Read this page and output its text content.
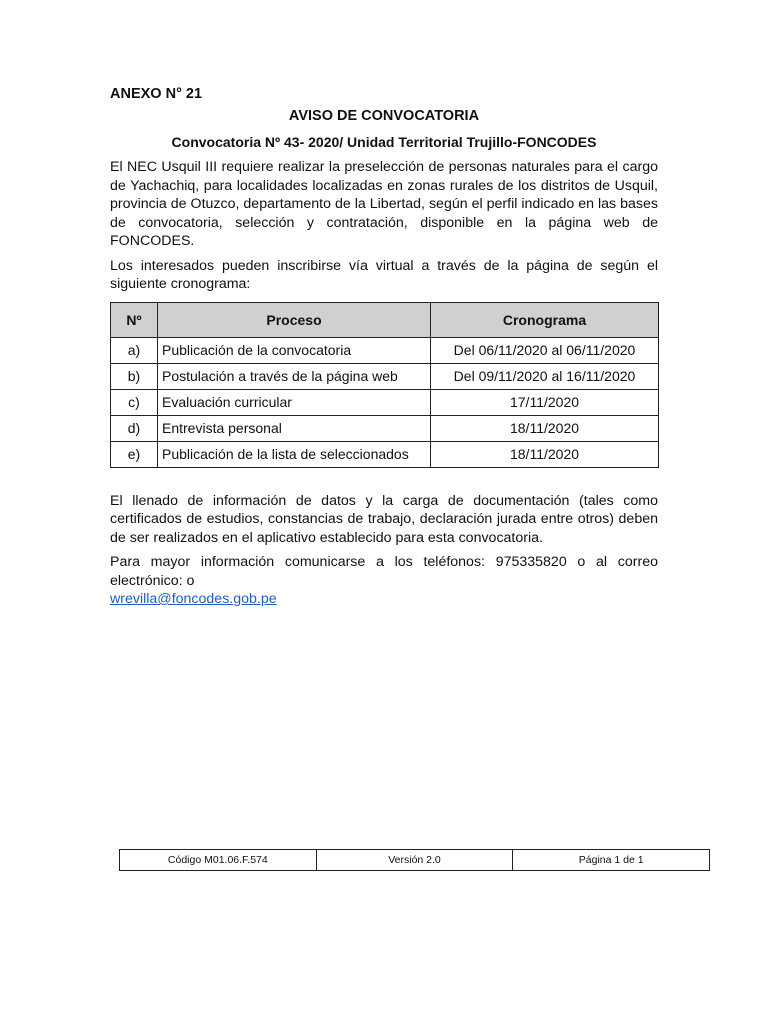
ANEXO N° 21

AVISO DE CONVOCATORIA

Convocatoria Nº 43- 2020/ Unidad Territorial Trujillo-FONCODES

El NEC Usquil III requiere realizar la preselección de personas naturales para el cargo de Yachachiq, para localidades localizadas en zonas rurales de los distritos de Usquil, provincia de Otuzco, departamento de la Libertad, según el perfil indicado en las bases de convocatoria, selección y contratación, disponible en la página web de FONCODES.

Los interesados pueden inscribirse vía virtual a través de la página de según el siguiente cronograma:

Nº	Proceso	Cronograma
a)	Publicación de la convocatoria	Del 06/11/2020 al 06/11/2020
b)	Postulación a través de la página web	Del 09/11/2020 al 16/11/2020
c)	Evaluación curricular	17/11/2020
d)	Entrevista personal	18/11/2020
e)	Publicación de la lista de seleccionados	18/11/2020

El llenado de información de datos y la carga de documentación (tales como certificados de estudios, constancias de trabajo, declaración jurada entre otros) deben de ser realizados en el aplicativo establecido para esta convocatoria.

Para mayor información comunicarse a los teléfonos: 975335820 o al correo electrónico: o
wrevilla@foncodes.gob.pe

Código M01.06.F.574	Versión 2.0	Página 1 de 1
